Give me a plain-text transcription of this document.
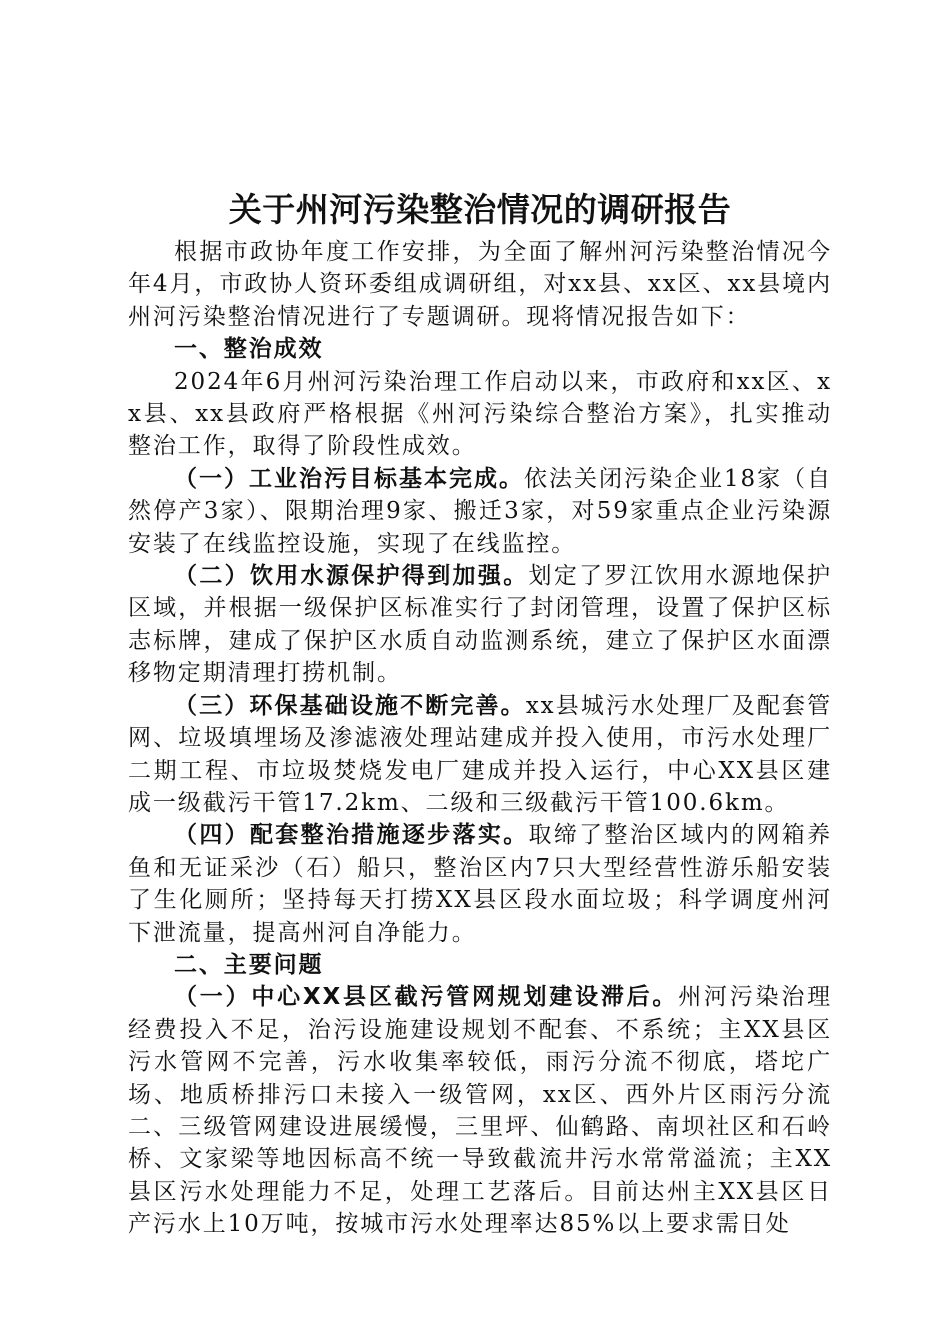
关于州河污染整治情况的调研报告

根据市政协年度工作安排，为全面了解州河污染整治情况今年4月，市政协人资环委组成调研组，对xx县、xx区、xx县境内州河污染整治情况进行了专题调研。现将情况报告如下：

一、整治成效

2024年6月州河污染治理工作启动以来，市政府和xx区、xx县、xx县政府严格根据《州河污染综合整治方案》，扎实推动整治工作，取得了阶段性成效。

（一）工业治污目标基本完成。依法关闭污染企业18家（自然停产3家）、限期治理9家、搬迁3家，对59家重点企业污染源安装了在线监控设施，实现了在线监控。

（二）饮用水源保护得到加强。划定了罗江饮用水源地保护区域，并根据一级保护区标准实行了封闭管理，设置了保护区标志标牌，建成了保护区水质自动监测系统，建立了保护区水面漂移物定期清理打捞机制。

（三）环保基础设施不断完善。xx县城污水处理厂及配套管网、垃圾填埋场及渗滤液处理站建成并投入使用，市污水处理厂二期工程、市垃圾焚烧发电厂建成并投入运行，中心XX县区建成一级截污干管17.2km、二级和三级截污干管100.6km。

（四）配套整治措施逐步落实。取缔了整治区域内的网箱养鱼和无证采沙（石）船只，整治区内7只大型经营性游乐船安装了生化厕所；坚持每天打捞XX县区段水面垃圾；科学调度州河下泄流量，提高州河自净能力。

二、主要问题

（一）中心XX县区截污管网规划建设滞后。州河污染治理经费投入不足，治污设施建设规划不配套、不系统；主XX县区污水管网不完善，污水收集率较低，雨污分流不彻底，塔坨广场、地质桥排污口未接入一级管网，xx区、西外片区雨污分流二、三级管网建设进展缓慢，三里坪、仙鹤路、南坝社区和石岭桥、文家梁等地因标高不统一导致截流井污水常常溢流；主XX县区污水处理能力不足，处理工艺落后。目前达州主XX县区日产污水上10万吨，按城市污水处理率达85%以上要求需日处
